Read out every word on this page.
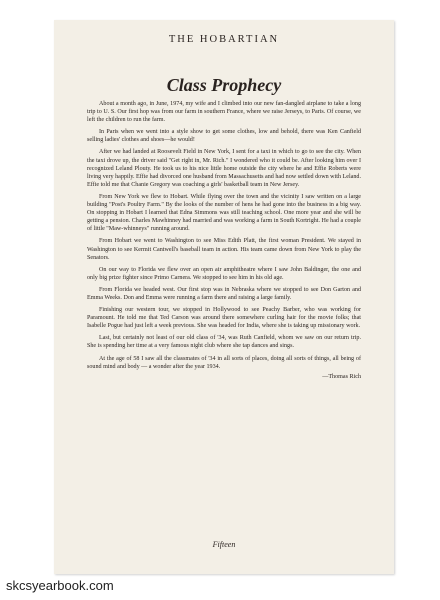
THE HOBARTIAN
Class Prophecy

About a month ago, in June, 1974, my wife and I climbed into our new fan-dangled airplane to take a long trip to U. S. Our first hop was from our farm in southern France, where we raise Jerseys, to Paris. Of course, we left the children to run the farm.

In Paris when we went into a style show to get some clothes, low and behold, there was Ken Canfield selling ladies' clothes and shoes—he would!

After we had landed at Roosevelt Field in New York, I sent for a taxi in which to go to see the city. When the taxi drove up, the driver said "Get right in, Mr. Rich." I wondered who it could be. After looking him over I recognized Leland Plouty. He took us to his nice little home outside the city where he and Effie Roberts were living very happily. Effie had divorced one husband from Massachusetts and had now settled down with Leland. Effie told me that Chanie Gregory was coaching a girls' basketball team in New Jersey.

From New York we flew to Hobart. While flying over the town and the vicinity I saw written on a large building "Post's Poultry Farm." By the looks of the number of hens he had gone into the business in a big way. On stopping in Hobart I learned that Edna Simmons was still teaching school. One more year and she will be getting a pension. Charles Mawhinney had married and was working a farm in South Kortright. He had a couple of little "Maw-whinneys" running around.

From Hobart we went to Washington to see Miss Edith Platt, the first woman President. We stayed in Washington to see Kermit Cantwell's baseball team in action. His team came down from New York to play the Senators.

On our way to Florida we flew over an open air amphitheatre where I saw John Baldinger, the one and only big prize fighter since Primo Carnera. We stopped to see him in his old age.

From Florida we headed west. Our first stop was in Nebraska where we stopped to see Don Garton and Emma Weeks. Don and Emma were running a farm there and raising a large family.

Finishing our western tour, we stopped in Hollywood to see Peachy Barber, who was working for Paramount. He told me that Ted Carson was around there somewhere curling hair for the movie folks; that Isabelle Pogue had just left a week previous. She was headed for India, where she is taking up missionary work.

Last, but certainly not least of our old class of '34, was Ruth Canfield, whom we saw on our return trip. She is spending her time at a very famous night club where she tap dances and sings.

At the age of 58 I saw all the classmates of '34 in all sorts of places, doing all sorts of things, all being of sound mind and body — a wonder after the year 1934.

—Thomas Rich
Fifteen
skcsyearbook.com
